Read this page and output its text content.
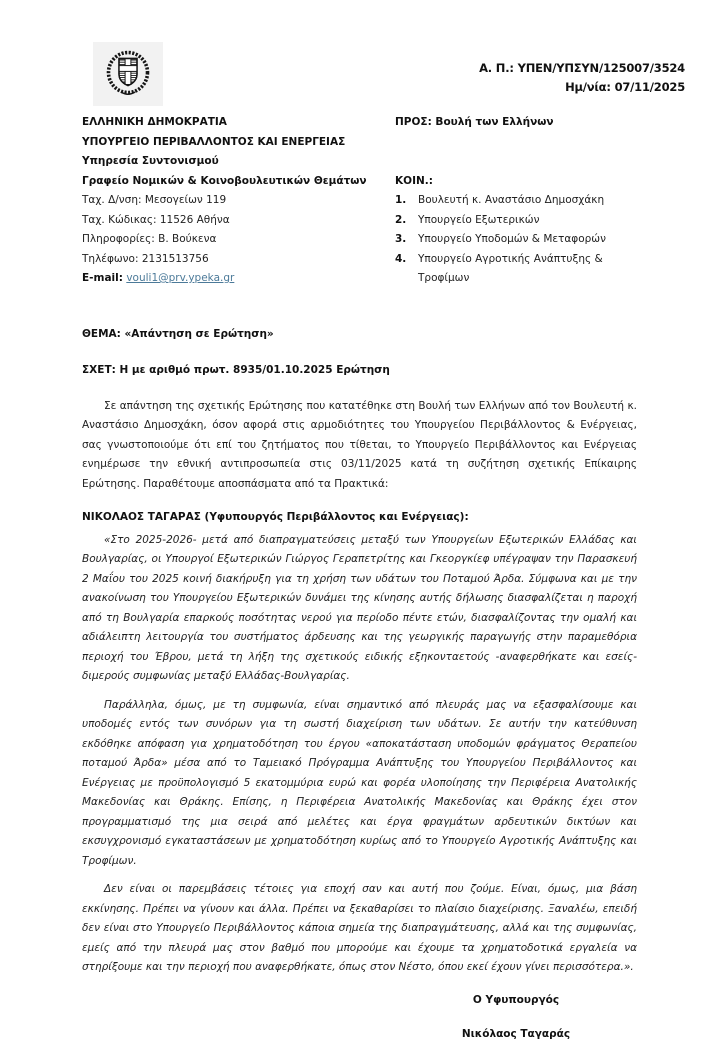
Α. Π.: ΥΠΕΝ/ΥΠΣΥΝ/125007/3524
Ημ/νία: 07/11/2025
ΕΛΛΗΝΙΚΗ ΔΗΜΟΚΡΑΤΙΑ
ΥΠΟΥΡΓΕΙΟ ΠΕΡΙΒΑΛΛΟΝΤΟΣ ΚΑΙ ΕΝΕΡΓΕΙΑΣ
Υπηρεσία Συντονισμού
Γραφείο Νομικών & Κοινοβουλευτικών Θεμάτων
Ταχ. Δ/νση: Μεσογείων 119
Ταχ. Κώδικας: 11526 Αθήνα
Πληροφορίες: Β. Βούκενα
Τηλέφωνο: 2131513756
E-mail: vouli1@prv.ypeka.gr
ΠΡΟΣ: Βουλή των Ελλήνων
ΚΟΙΝ.:
1.	Βουλευτή κ. Αναστάσιο Δημοσχάκη
2.	Υπουργείο Εξωτερικών
3.	Υπουργείο Υποδομών & Μεταφορών
4.	Υπουργείο Αγροτικής Ανάπτυξης & Τροφίμων
ΘΕΜΑ: «Απάντηση σε Ερώτηση»
ΣΧΕΤ: Η με αριθμό πρωτ. 8935/01.10.2025 Ερώτηση

Σε απάντηση της σχετικής Ερώτησης που κατατέθηκε στη Βουλή των Ελλήνων από τον Βουλευτή κ. Αναστάσιο Δημοσχάκη, όσον αφορά στις αρμοδιότητες του Υπουργείου Περιβάλλοντος & Ενέργειας, σας γνωστοποιούμε ότι επί του ζητήματος που τίθεται, το Υπουργείο Περιβάλλοντος και Ενέργειας ενημέρωσε την εθνική αντιπροσωπεία στις 03/11/2025 κατά τη συζήτηση σχετικής Επίκαιρης Ερώτησης. Παραθέτουμε αποσπάσματα από τα Πρακτικά:

ΝΙΚΟΛΑΟΣ ΤΑΓΑΡΑΣ (Υφυπουργός Περιβάλλοντος και Ενέργειας):

«Στο 2025-2026- μετά από διαπραγματεύσεις μεταξύ των Υπουργείων Εξωτερικών Ελλάδας και Βουλγαρίας, οι Υπουργοί Εξωτερικών Γιώργος Γεραπετρίτης και Γκεοργκίεφ υπέγραψαν την Παρασκευή 2 Μαΐου του 2025 κοινή διακήρυξη για τη χρήση των υδάτων του Ποταμού Άρδα. Σύμφωνα και με την ανακοίνωση του Υπουργείου Εξωτερικών δυνάμει της κίνησης αυτής δήλωσης διασφαλίζεται η παροχή από τη Βουλγαρία επαρκούς ποσότητας νερού για περίοδο πέντε ετών, διασφαλίζοντας την ομαλή και αδιάλειπτη λειτουργία του συστήματος άρδευσης και της γεωργικής παραγωγής στην παραμεθόρια περιοχή του Έβρου, μετά τη λήξη της σχετικούς ειδικής εξηκονταετούς -αναφερθήκατε και εσείς- διμερούς συμφωνίας μεταξύ Ελλάδας-Βουλγαρίας.

Παράλληλα, όμως, με τη συμφωνία, είναι σημαντικό από πλευράς μας να εξασφαλίσουμε και υποδομές εντός των συνόρων για τη σωστή διαχείριση των υδάτων. Σε αυτήν την κατεύθυνση εκδόθηκε απόφαση για χρηματοδότηση του έργου «αποκατάσταση υποδομών φράγματος Θεραπείου ποταμού Άρδα» μέσα από το Ταμειακό Πρόγραμμα Ανάπτυξης του Υπουργείου Περιβάλλοντος και Ενέργειας με προϋπολογισμό 5 εκατομμύρια ευρώ και φορέα υλοποίησης την Περιφέρεια Ανατολικής Μακεδονίας και Θράκης. Επίσης, η Περιφέρεια Ανατολικής Μακεδονίας και Θράκης έχει στον προγραμματισμό της μια σειρά από μελέτες και έργα φραγμάτων αρδευτικών δικτύων και εκσυγχρονισμό εγκαταστάσεων με χρηματοδότηση κυρίως από το Υπουργείο Αγροτικής Ανάπτυξης και Τροφίμων.

Δεν είναι οι παρεμβάσεις τέτοιες για εποχή σαν και αυτή που ζούμε. Είναι, όμως, μια βάση εκκίνησης. Πρέπει να γίνουν και άλλα. Πρέπει να ξεκαθαρίσει το πλαίσιο διαχείρισης. Ξαναλέω, επειδή δεν είναι στο Υπουργείο Περιβάλλοντος κάποια σημεία της διαπραγμάτευσης, αλλά και της συμφωνίας, εμείς από την πλευρά μας στον βαθμό που μπορούμε και έχουμε τα χρηματοδοτικά εργαλεία να στηρίξουμε και την περιοχή που αναφερθήκατε, όπως στον Νέστο, όπου εκεί έχουν γίνει περισσότερα.».

Ο Υφυπουργός
Νικόλαος Ταγαράς
